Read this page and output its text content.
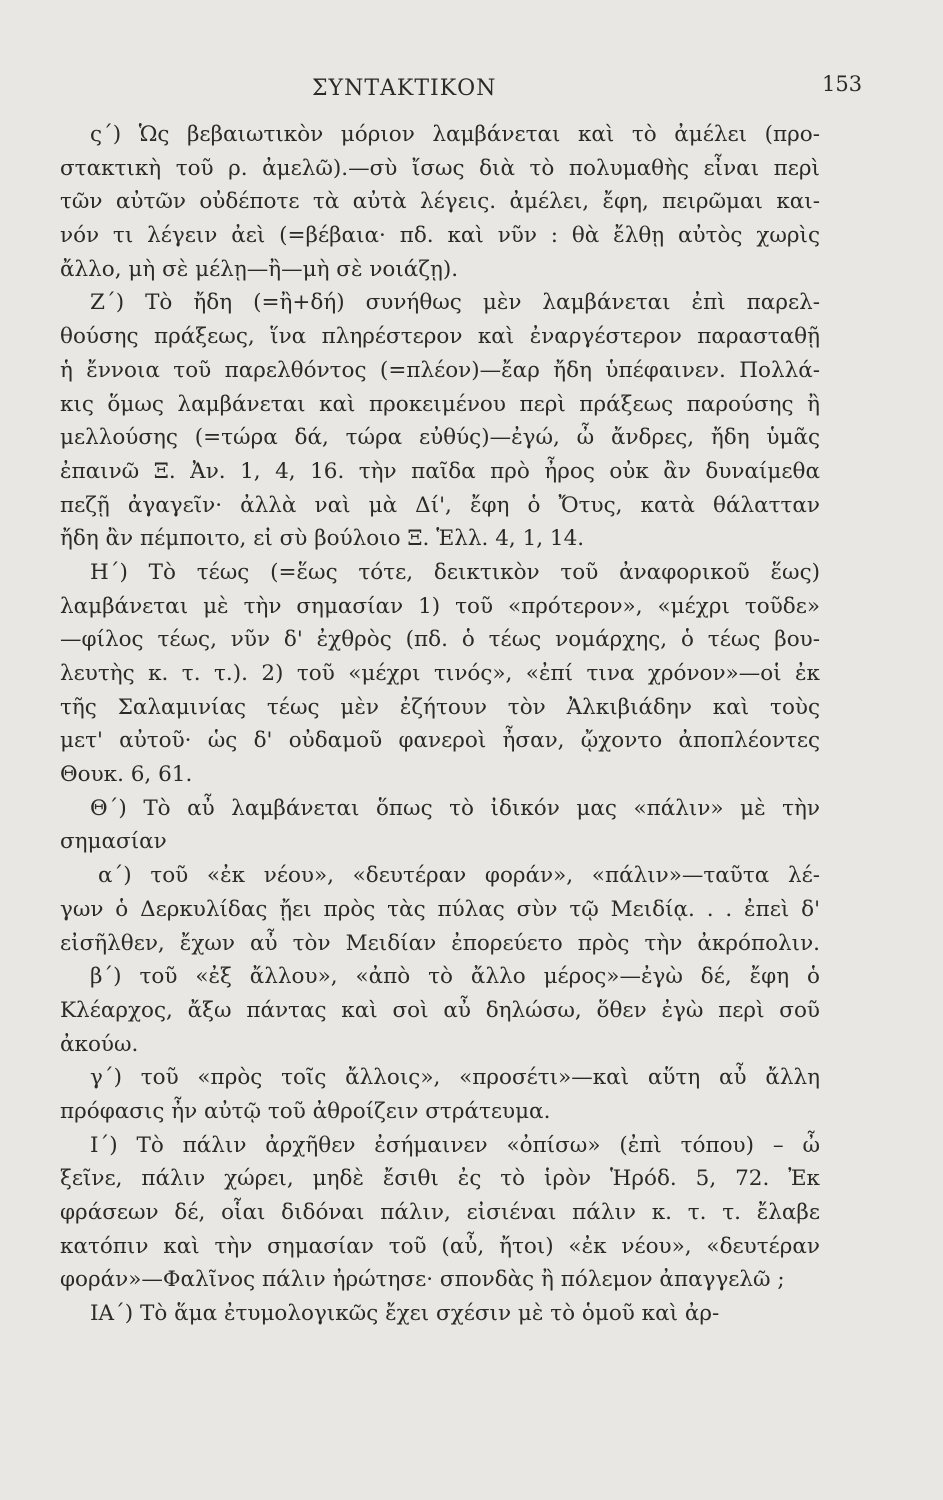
ΣΥΝΤΑΚΤΙΚΟΝ	153
ς΄) Ὡς βεβαιωτικὸν μόριον λαμβάνεται καὶ τὸ ἀμέλει (προ-
στακτικὴ τοῦ ρ. ἀμελῶ).—σὺ ἴσως διὰ τὸ πολυμαθὴς εἶναι περὶ
τῶν αὐτῶν οὐδέποτε τὰ αὐτὰ λέγεις. ἀμέλει, ἔφη, πειρῶμαι και-
νόν τι λέγειν ἀεὶ (=βέβαια· πδ. καὶ νῦν : θὰ ἔλθῃ αὐτὸς χωρὶς
ἄλλο, μὴ σὲ μέλῃ—ἢ—μὴ σὲ νοιάζῃ).
Ζ΄) Τὸ ἤδη (=ἢ+δή) συνήθως μὲν λαμβάνεται ἐπὶ παρελ-
θούσης πράξεως, ἵνα πληρέστερον καὶ ἐναργέστερον παρασταθῇ
ἡ ἔννοια τοῦ παρελθόντος (=πλέον)—ἔαρ ἤδη ὑπέφαινεν. Πολλά-
κις ὅμως λαμβάνεται καὶ προκειμένου περὶ πράξεως παρούσης ἢ
μελλούσης (=τώρα δά, τώρα εὐθύς)—ἐγώ, ὦ ἄνδρες, ἤδη ὑμᾶς
ἐπαινῶ Ξ. Ἀν. 1, 4, 16. τὴν παῖδα πρὸ ἦρος οὐκ ἂν δυναίμεθα
πεζῇ ἀγαγεῖν· ἀλλὰ ναὶ μὰ Δί', ἔφη ὁ Ὄτυς, κατὰ θάλατταν
ἤδη ἂν πέμποιτο, εἰ σὺ βούλοιο Ξ. Ἑλλ. 4, 1, 14.
Η΄) Τὸ τέως (=ἕως τότε, δεικτικὸν τοῦ ἀναφορικοῦ ἕως)
λαμβάνεται μὲ τὴν σημασίαν 1) τοῦ «πρότερον», «μέχρι τοῦδε»
—φίλος τέως, νῦν δ' ἐχθρὸς (πδ. ὁ τέως νομάρχης, ὁ τέως βου-
λευτὴς κ. τ. τ.). 2) τοῦ «μέχρι τινός», «ἐπί τινα χρόνον»—οἱ ἐκ
τῆς Σαλαμινίας τέως μὲν ἐζήτουν τὸν Ἀλκιβιάδην καὶ τοὺς
μετ' αὐτοῦ· ὡς δ' οὐδαμοῦ φανεροὶ ἦσαν, ᾤχοντο ἀποπλέοντες
Θουκ. 6, 61.
Θ΄) Τὸ αὖ λαμβάνεται ὅπως τὸ ἰδικόν μας «πάλιν» μὲ τὴν
σημασίαν
α΄) τοῦ «ἐκ νέου», «δευτέραν φοράν», «πάλιν»—ταῦτα λέ-
γων ὁ Δερκυλίδας ᾔει πρὸς τὰς πύλας σὺν τῷ Μειδίᾳ. . . ἐπεὶ δ'
εἰσῆλθεν, ἔχων αὖ τὸν Μειδίαν ἐπορεύετο πρὸς τὴν ἀκρόπολιν.
β΄) τοῦ «ἐξ ἄλλου», «ἀπὸ τὸ ἄλλο μέρος»—ἐγὼ δέ, ἔφη ὁ
Κλέαρχος, ἄξω πάντας καὶ σοὶ αὖ δηλώσω, ὅθεν ἐγὼ περὶ σοῦ
ἀκούω.
γ΄) τοῦ «πρὸς τοῖς ἄλλοις», «προσέτι»—καὶ αὕτη αὖ ἄλλη
πρόφασις ἦν αὐτῷ τοῦ ἀθροίζειν στράτευμα.
Ι΄) Τὸ πάλιν ἀρχῆθεν ἐσήμαινεν «ὀπίσω» (ἐπὶ τόπου) – ὦ
ξεῖνε, πάλιν χώρει, μηδὲ ἔσιθι ἐς τὸ ἱρὸν Ἡρόδ. 5, 72. Ἐκ
φράσεων δέ, οἷαι διδόναι πάλιν, εἰσιέναι πάλιν κ. τ. τ. ἔλαβε
κατόπιν καὶ τὴν σημασίαν τοῦ (αὖ, ἤτοι) «ἐκ νέου», «δευτέραν
φοράν»—Φαλῖνος πάλιν ἠρώτησε· σπονδὰς ἢ πόλεμον ἀπαγγελῶ ;
ΙΑ΄) Τὸ ἅμα ἐτυμολογικῶς ἔχει σχέσιν μὲ τὸ ὁμοῦ καὶ ἀρ-
